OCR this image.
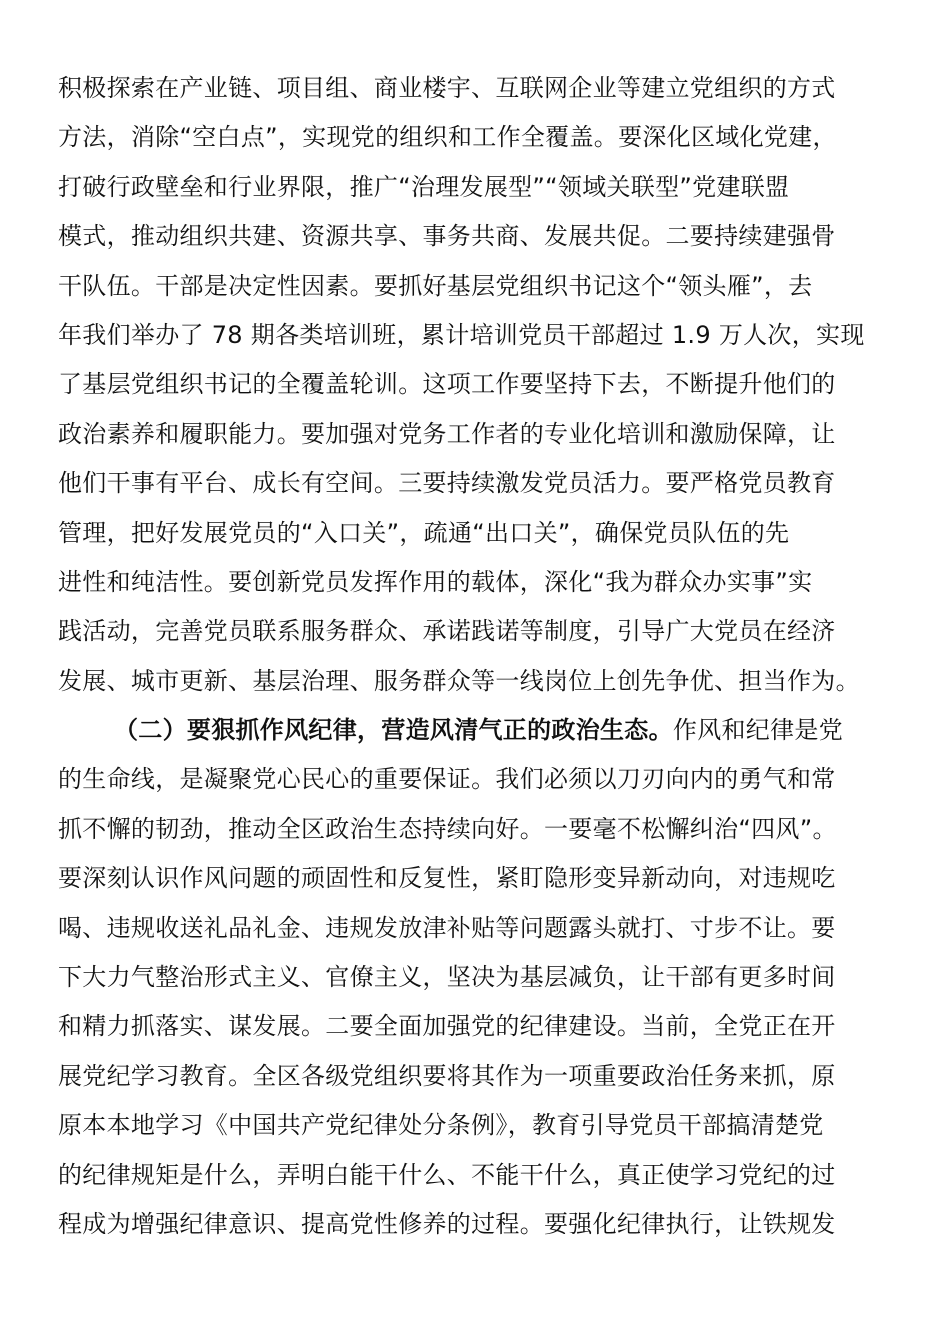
积极探索在产业链、项目组、商业楼宇、互联网企业等建立党组织的方式
方法，消除“空白点”，实现党的组织和工作全覆盖。要深化区域化党建，
打破行政壁垒和行业界限，推广“治理发展型”“领域关联型”党建联盟
模式，推动组织共建、资源共享、事务共商、发展共促。二要持续建强骨
干队伍。干部是决定性因素。要抓好基层党组织书记这个“领头雁”，去
年我们举办了 78 期各类培训班，累计培训党员干部超过 1.9 万人次，实现
了基层党组织书记的全覆盖轮训。这项工作要坚持下去，不断提升他们的
政治素养和履职能力。要加强对党务工作者的专业化培训和激励保障，让
他们干事有平台、成长有空间。三要持续激发党员活力。要严格党员教育
管理，把好发展党员的“入口关”，疏通“出口关”，确保党员队伍的先
进性和纯洁性。要创新党员发挥作用的载体，深化“我为群众办实事”实
践活动，完善党员联系服务群众、承诺践诺等制度，引导广大党员在经济
发展、城市更新、基层治理、服务群众等一线岗位上创先争优、担当作为。
（二）要狠抓作风纪律，营造风清气正的政治生态。作风和纪律是党
的生命线，是凝聚党心民心的重要保证。我们必须以刀刃向内的勇气和常
抓不懈的韧劲，推动全区政治生态持续向好。一要毫不松懈纠治“四风”。
要深刻认识作风问题的顽固性和反复性，紧盯隐形变异新动向，对违规吃
喝、违规收送礼品礼金、违规发放津补贴等问题露头就打、寸步不让。要
下大力气整治形式主义、官僚主义，坚决为基层减负，让干部有更多时间
和精力抓落实、谋发展。二要全面加强党的纪律建设。当前，全党正在开
展党纪学习教育。全区各级党组织要将其作为一项重要政治任务来抓，原
原本本地学习《中国共产党纪律处分条例》，教育引导党员干部搞清楚党
的纪律规矩是什么，弄明白能干什么、不能干什么，真正使学习党纪的过
程成为增强纪律意识、提高党性修养的过程。要强化纪律执行，让铁规发
